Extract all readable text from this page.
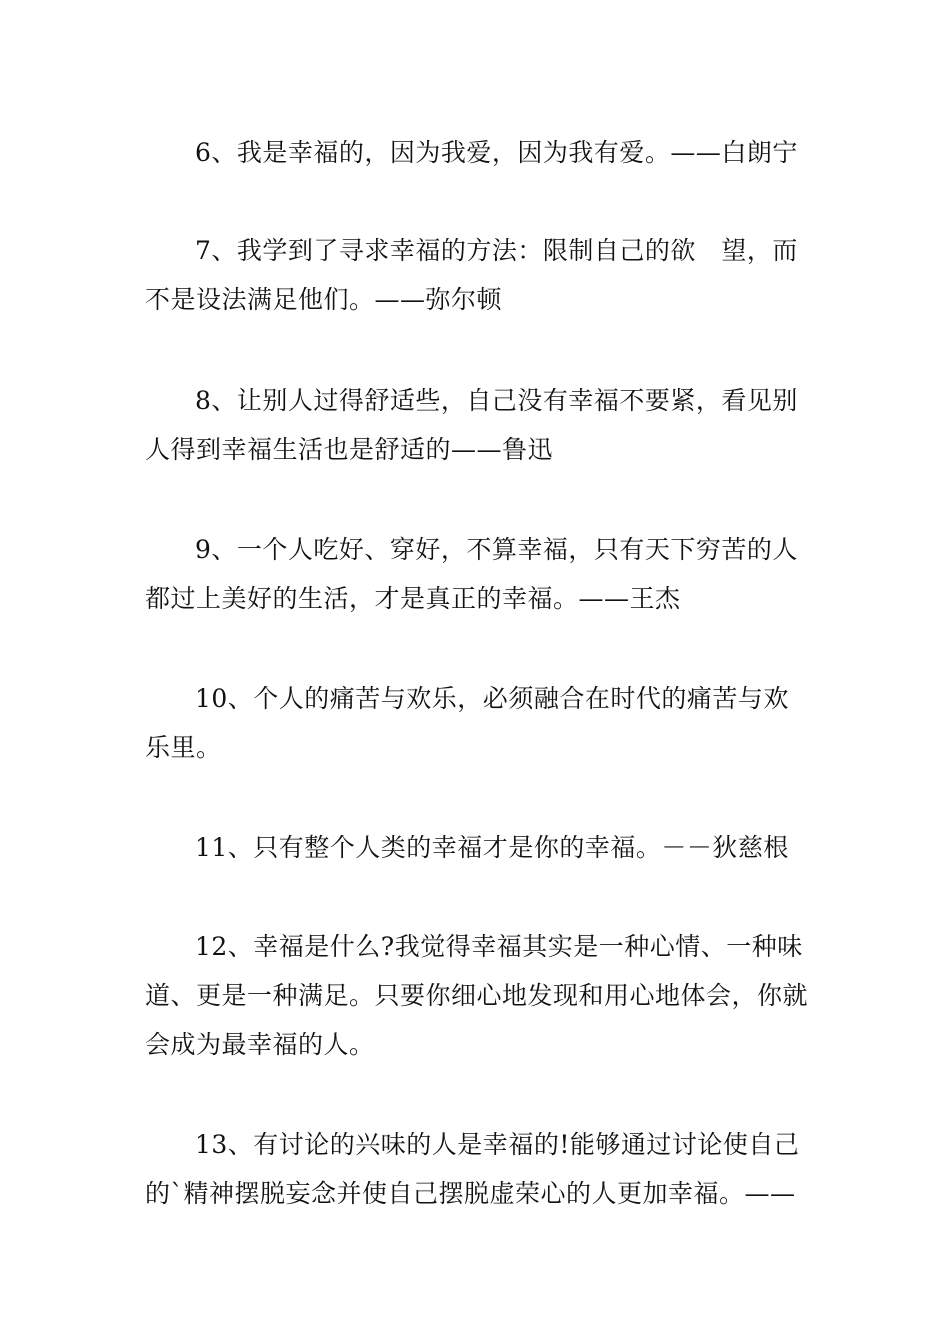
6、我是幸福的，因为我爱，因为我有爱。——白朗宁

7、我学到了寻求幸福的方法：限制自己的欲　望，而不是设法满足他们。——弥尔顿

8、让别人过得舒适些，自己没有幸福不要紧，看见别人得到幸福生活也是舒适的——鲁迅

9、一个人吃好、穿好，不算幸福，只有天下穷苦的人都过上美好的生活，才是真正的幸福。——王杰

10、个人的痛苦与欢乐，必须融合在时代的痛苦与欢乐里。

11、只有整个人类的幸福才是你的幸福。－－狄慈根

12、幸福是什么?我觉得幸福其实是一种心情、一种味道、更是一种满足。只要你细心地发现和用心地体会，你就会成为最幸福的人。

13、有讨论的兴味的人是幸福的!能够通过讨论使自己的`精神摆脱妄念并使自己摆脱虚荣心的人更加幸福。——
